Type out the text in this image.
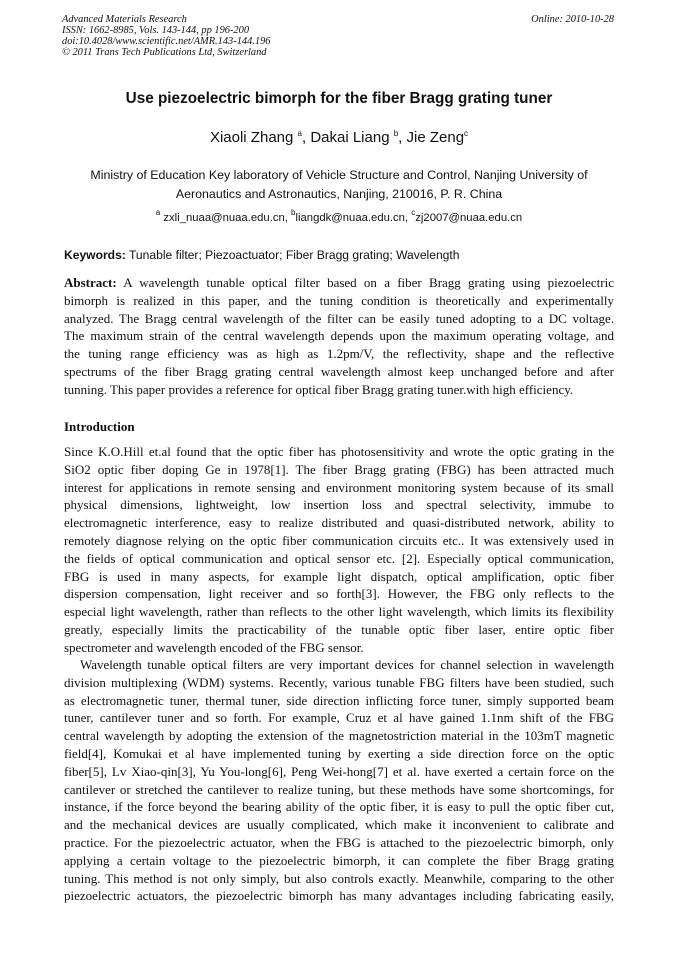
Advanced Materials Research
ISSN: 1662-8985, Vols. 143-144, pp 196-200
doi:10.4028/www.scientific.net/AMR.143-144.196
© 2011 Trans Tech Publications Ltd, Switzerland
Online: 2010-10-28
Use piezoelectric bimorph for the fiber Bragg grating tuner
Xiaoli Zhang $^a$, Dakai Liang $^b$, Jie Zeng$^c$
Ministry of Education Key laboratory of Vehicle Structure and Control, Nanjing University of
Aeronautics and Astronautics, Nanjing, 210016, P. R. China
$^a$ zxli_nuaa@nuaa.edu.cn, $^b$liangdk@nuaa.edu.cn, $^c$zj2007@nuaa.edu.cn
Keywords: Tunable filter; Piezoactuator; Fiber Bragg grating; Wavelength
Abstract: A wavelength tunable optical filter based on a fiber Bragg grating using piezoelectric
bimorph is realized in this paper, and the tuning condition is theoretically and experimentally
analyzed. The Bragg central wavelength of the filter can be easily tuned adopting to a DC voltage.
The maximum strain of the central wavelength depends upon the maximum operating voltage, and
the tuning range efficiency was as high as 1.2pm/V, the reflectivity, shape and the reflective
spectrums of the fiber Bragg grating central wavelength almost keep unchanged before and after
tunning. This paper provides a reference for optical fiber Bragg grating tuner.with high efficiency.
Introduction
Since K.O.Hill et.al found that the optic fiber has photosensitivity and wrote the optic grating in the
SiO2 optic fiber doping Ge in 1978[1]. The fiber Bragg grating (FBG) has been attracted much
interest for applications in remote sensing and environment monitoring system because of its small
physical dimensions, lightweight, low insertion loss and spectral selectivity, immube to
electromagnetic interference, easy to realize distributed and quasi-distributed network, ability to
remotely diagnose relying on the optic fiber communication circuits etc.. It was extensively used in
the fields of optical communication and optical sensor etc. [2]. Especially optical communication,
FBG is used in many aspects, for example light dispatch, optical amplification, optic fiber
dispersion compensation, light receiver and so forth[3]. However, the FBG only reflects to the
especial light wavelength, rather than reflects to the other light wavelength, which limits its flexibility
greatly, especially limits the practicability of the tunable optic fiber laser, entire optic fiber
spectrometer and wavelength encoded of the FBG sensor.
Wavelength tunable optical filters are very important devices for channel selection in wavelength
division multiplexing (WDM) systems. Recently, various tunable FBG filters have been studied, such
as electromagnetic tuner, thermal tuner, side direction inflicting force tuner, simply supported beam
tuner, cantilever tuner and so forth. For example, Cruz et al have gained 1.1nm shift of the FBG
central wavelength by adopting the extension of the magnetostriction material in the 103mT magnetic
field[4], Komukai et al have implemented tuning by exerting a side direction force on the optic
fiber[5], Lv Xiao-qin[3], Yu You-long[6], Peng Wei-hong[7] et al. have exerted a certain force on the
cantilever or stretched the cantilever to realize tuning, but these methods have some shortcomings, for
instance, if the force beyond the bearing ability of the optic fiber, it is easy to pull the optic fiber cut,
and the mechanical devices are usually complicated, which make it inconvenient to calibrate and
practice. For the piezoelectric actuator, when the FBG is attached to the piezoelectric bimorph, only
applying a certain voltage to the piezoelectric bimorph, it can complete the fiber Bragg grating
tuning. This method is not only simply, but also controls exactly. Meanwhile, comparing to the other
piezoelectric actuators, the piezoelectric bimorph has many advantages including fabricating easily,
